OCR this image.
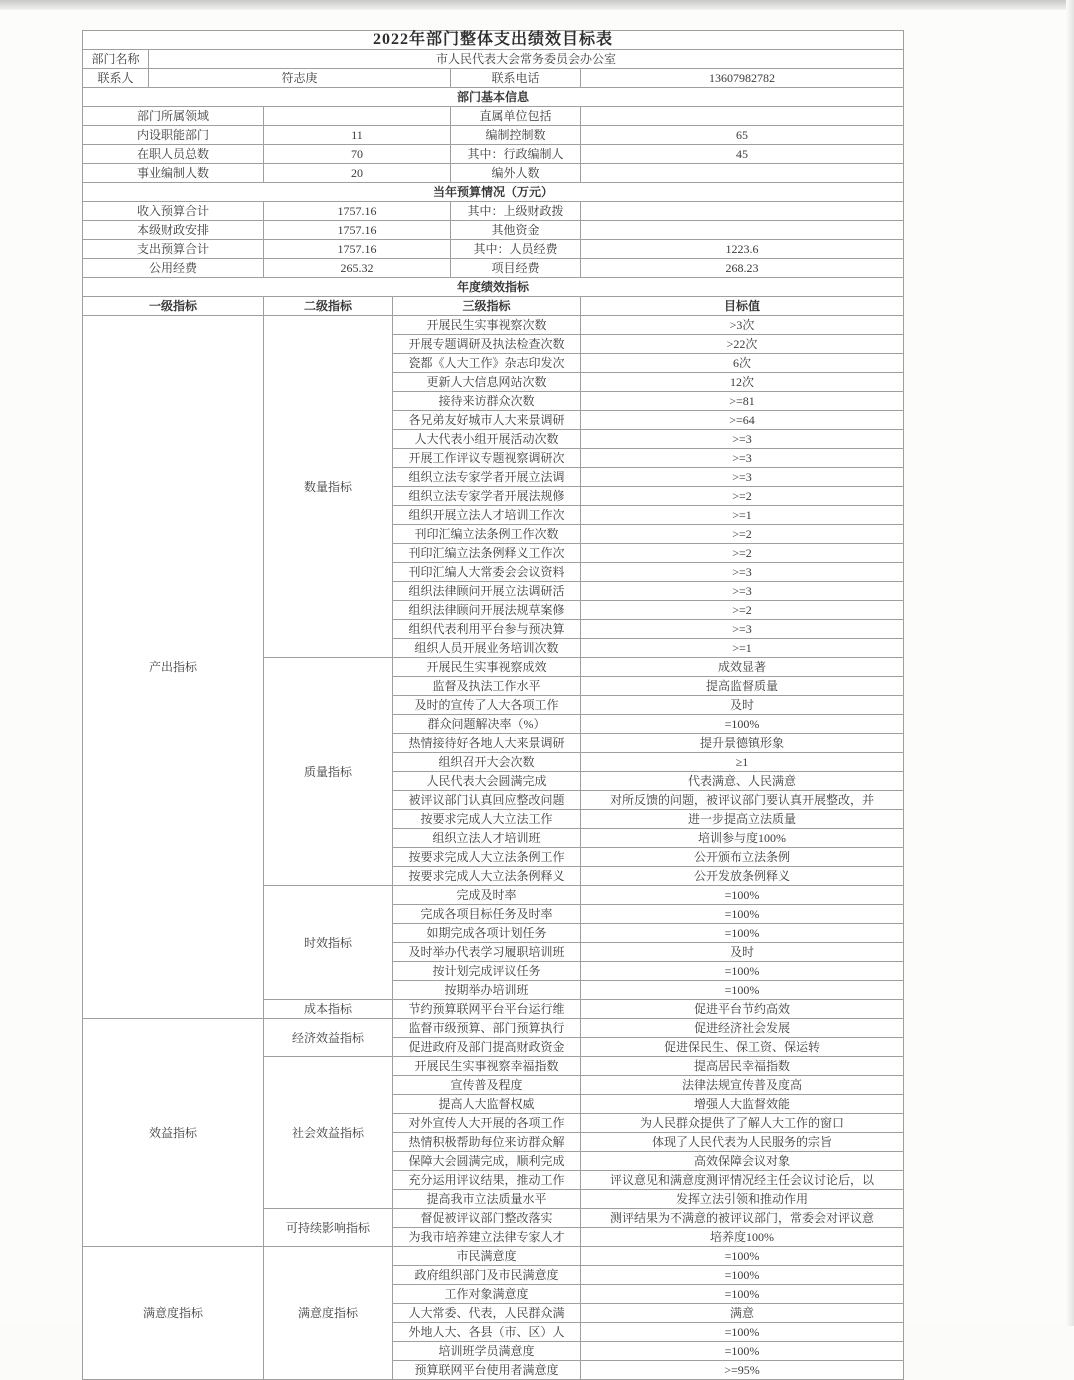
2022年部门整体支出绩效目标表					
部门名称	市人民代表大会常务委员会办公室				
联系人	符志庚			联系电话	13607982782
部门基本信息					
部门所属领域				直属单位包括	
内设职能部门		11		编制控制数	65
在职人员总数		70		其中：行政编制人	45
事业编制人数		20		编外人数	
当年预算情况（万元）					
收入预算合计		1757.16		其中：上级财政拨	
本级财政安排		1757.16		其他资金	
支出预算合计		1757.16		其中：人员经费	1223.6
公用经费		265.32		项目经费	268.23
年度绩效指标					
一级指标		二级指标	三级指标		目标值
产出指标		数量指标	开展民生实事视察次数		>3次
			开展专题调研及执法检查次数		>22次
			瓷都《人大工作》杂志印发次		6次
			更新人大信息网站次数		12次
			接待来访群众次数		>=81
			各兄弟友好城市人大来景调研		>=64
			人大代表小组开展活动次数		>=3
			开展工作评议专题视察调研次		>=3
			组织立法专家学者开展立法调		>=3
			组织立法专家学者开展法规修		>=2
			组织开展立法人才培训工作次		>=1
			刊印汇编立法条例工作次数		>=2
			刊印汇编立法条例释义工作次		>=2
			刊印汇编人大常委会会议资料		>=3
			组织法律顾问开展立法调研活		>=3
			组织法律顾问开展法规草案修		>=2
			组织代表利用平台参与预决算		>=3
			组织人员开展业务培训次数		>=1
		质量指标	开展民生实事视察成效		成效显著
			监督及执法工作水平		提高监督质量
			及时的宣传了人大各项工作		及时
			群众问题解决率（%）		=100%
			热情接待好各地人大来景调研		提升景德镇形象
			组织召开大会次数		≥1
			人民代表大会圆满完成		代表满意、人民满意
			被评议部门认真回应整改问题		对所反馈的问题，被评议部门要认真开展整改，并
			按要求完成人大立法工作		进一步提高立法质量
			组织立法人才培训班		培训参与度100%
			按要求完成人大立法条例工作		公开颁布立法条例
			按要求完成人大立法条例释义		公开发放条例释义
		时效指标	完成及时率		=100%
			完成各项目标任务及时率		=100%
			如期完成各项计划任务		=100%
			及时举办代表学习履职培训班		及时
			按计划完成评议任务		=100%
			按期举办培训班		=100%
		成本指标	节约预算联网平台平台运行维		促进平台节约高效
效益指标		经济效益指标	监督市级预算、部门预算执行		促进经济社会发展
			促进政府及部门提高财政资金		促进保民生、保工资、保运转
		社会效益指标	开展民生实事视察幸福指数		提高居民幸福指数
			宣传普及程度		法律法规宣传普及度高
			提高人大监督权威		增强人大监督效能
			对外宣传人大开展的各项工作		为人民群众提供了了解人大工作的窗口
			热情积极帮助每位来访群众解		体现了人民代表为人民服务的宗旨
			保障大会圆满完成，顺利完成		高效保障会议对象
			充分运用评议结果，推动工作		评议意见和满意度测评情况经主任会议讨论后，以
			提高我市立法质量水平		发挥立法引领和推动作用
		可持续影响指标	督促被评议部门整改落实		测评结果为不满意的被评议部门，常委会对评议意
			为我市培养建立法律专家人才		培养度100%
满意度指标		满意度指标	市民满意度		=100%
			政府组织部门及市民满意度		=100%
			工作对象满意度		=100%
			人大常委、代表，人民群众满		满意
			外地人大、各县（市、区）人		=100%
			培训班学员满意度		=100%
			预算联网平台使用者满意度		>=95%
